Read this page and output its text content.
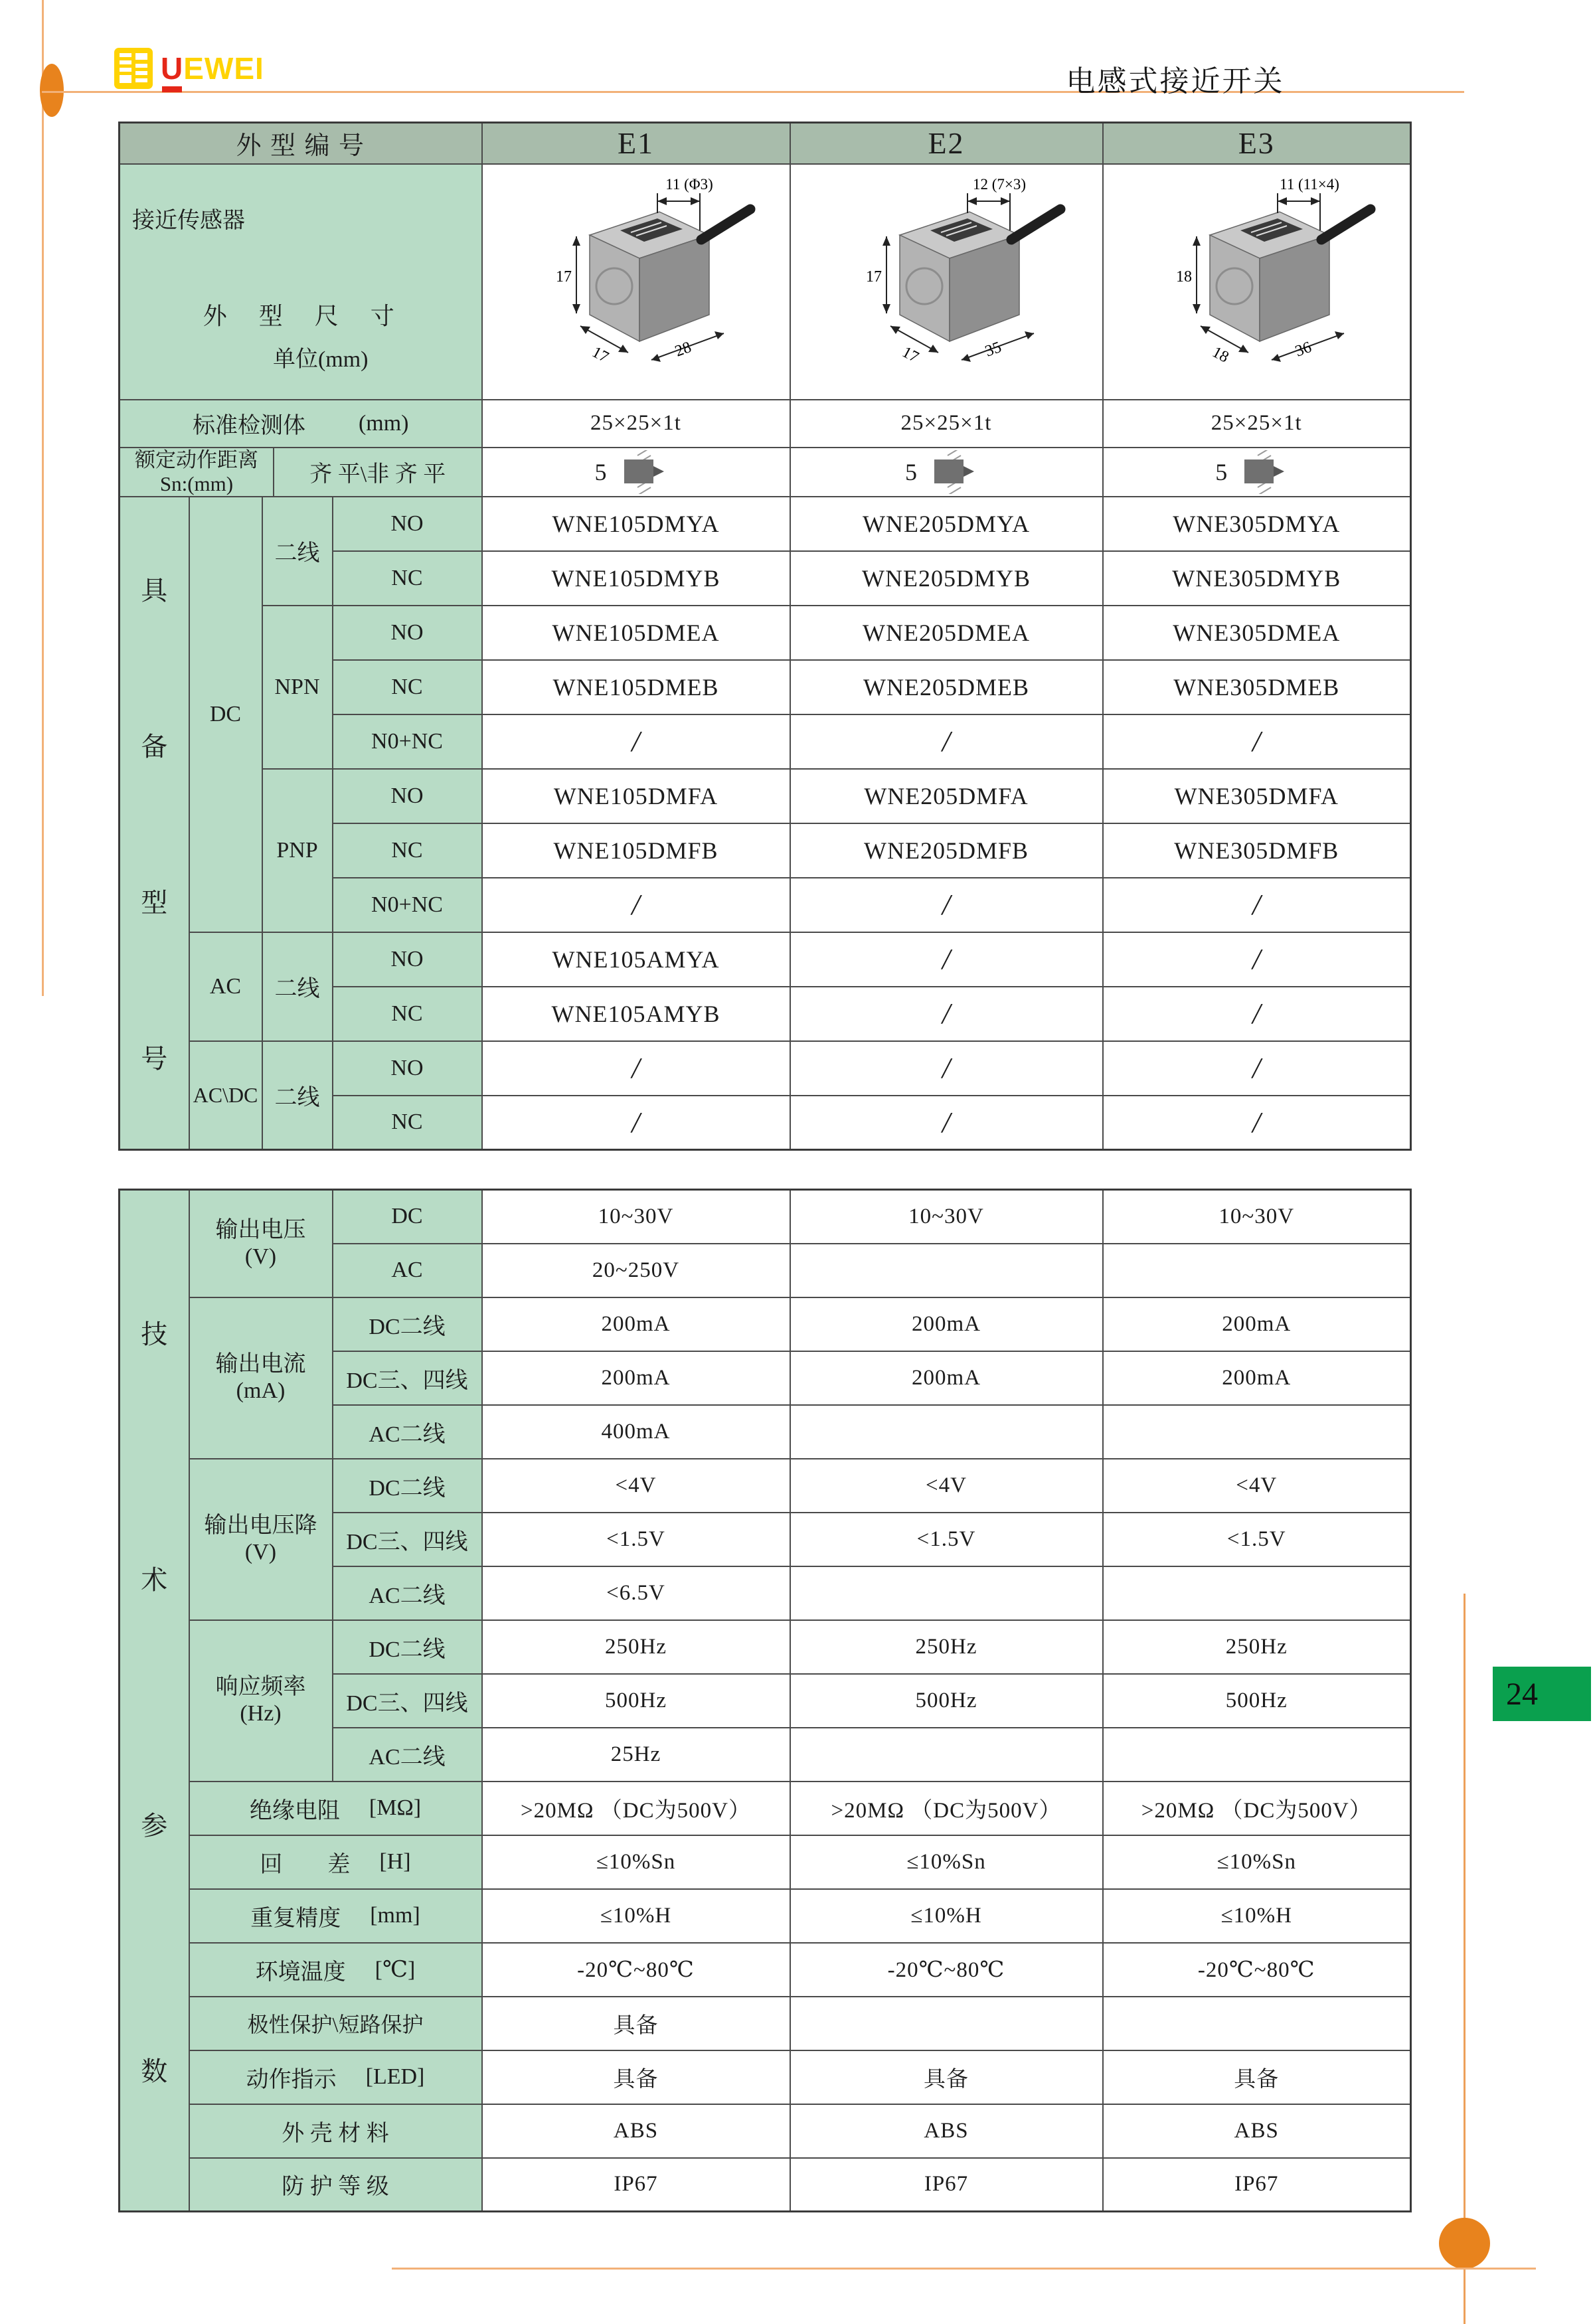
UEWEI	电感式接近开关
外 型 编 号				E1	E2	E3

接近传感器
外　型　尺　寸
单位(mm)				11 (Φ3)
17
17 28	12 (7×3)
17
17 35	11 (11×4)
18
18 36

标准检测体 (mm)				25×25×1t	25×25×1t	25×25×1t

额定动作距离
Sn:(mm) 齐 平\非 齐 平				5	5	5

具
备
型
号	DC	二线	NO	WNE105DMYA	WNE205DMYA	WNE305DMYA
			NC	WNE105DMYB	WNE205DMYB	WNE305DMYB
		NPN	NO	WNE105DMEA	WNE205DMEA	WNE305DMEA
			NC	WNE105DMEB	WNE205DMEB	WNE305DMEB
			N0+NC	/	/	/
		PNP	NO	WNE105DMFA	WNE205DMFA	WNE305DMFA
			NC	WNE105DMFB	WNE205DMFB	WNE305DMFB
			N0+NC	/	/	/
	AC	二线	NO	WNE105AMYA	/	/
			NC	WNE105AMYB	/	/
	AC\DC	二线	NO	/	/	/
			NC	/	/	/
技
术
参
数	输出电压
(V)	DC	10~30V	10~30V	10~30V
		AC	20~250V		

	输出电流
(mA)	DC二线	200mA	200mA	200mA
		DC三、四线	200mA	200mA	200mA
		AC二线	400mA		

	输出电压降
(V)	DC二线	<4V	<4V	<4V
		DC三、四线	<1.5V	<1.5V	<1.5V
		AC二线	<6.5V		

	响应频率
(Hz)	DC二线	250Hz	250Hz	250Hz
		DC三、四线	500Hz	500Hz	500Hz
		AC二线	25Hz		

	绝缘电阻 [MΩ]		>20MΩ （DC为500V）	>20MΩ （DC为500V）	>20MΩ （DC为500V）

	回　　差 [H]		≤10%Sn	≤10%Sn	≤10%Sn

	重复精度 [mm]		≤10%H	≤10%H	≤10%H

	环境温度 [℃]		-20℃~80℃	-20℃~80℃	-20℃~80℃
	极性保护\短路保护		具备		

	动作指示 [LED]		具备	具备	具备
	外 壳 材 料		ABS	ABS	ABS
	防 护 等 级		IP67	IP67	IP67
24
